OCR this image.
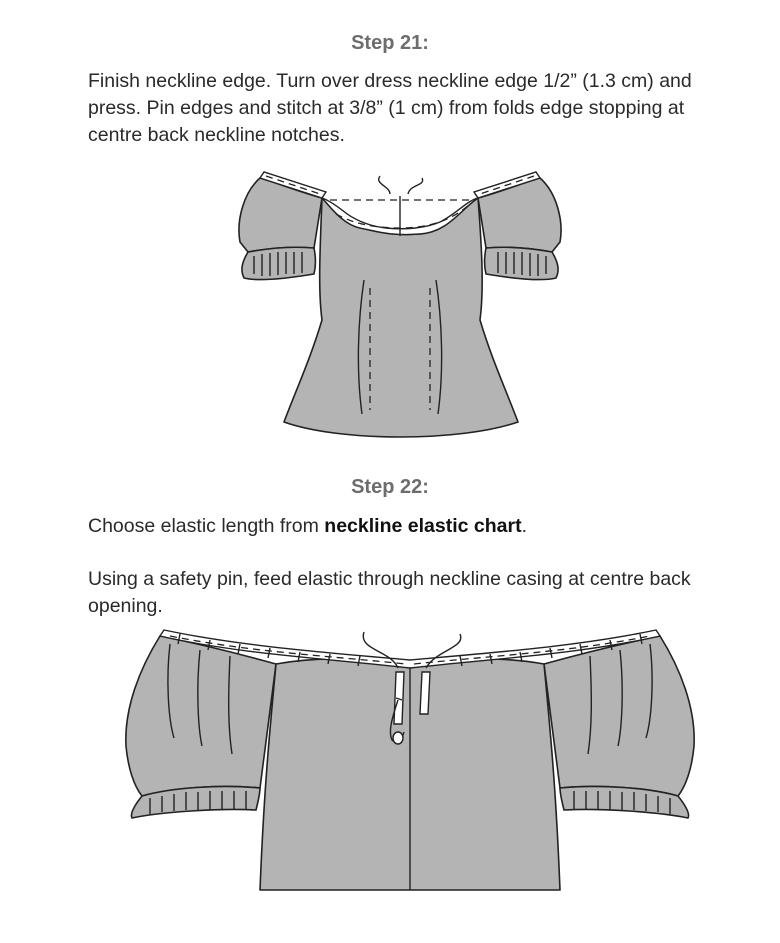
Step 21:
Finish neckline edge. Turn over dress neckline edge 1/2” (1.3 cm) and press. Pin edges and stitch at 3/8” (1 cm) from folds edge stopping at centre back neckline notches.
Step 22:
Choose elastic length from neckline elastic chart.
Using a safety pin, feed elastic through neckline casing at centre back opening.
